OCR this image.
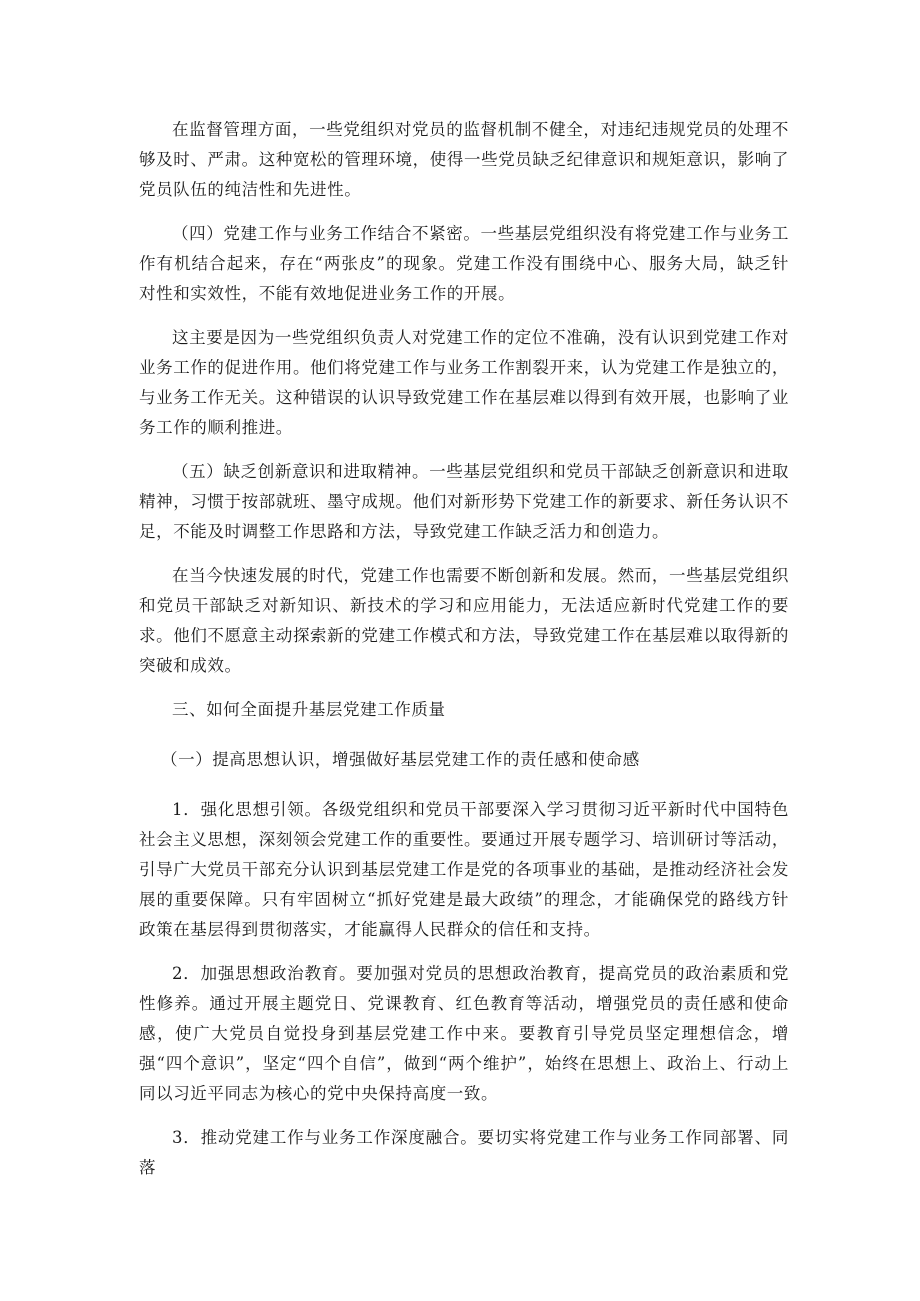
在监督管理方面，一些党组织对党员的监督机制不健全，对违纪违规党员的处理不够及时、严肃。这种宽松的管理环境，使得一些党员缺乏纪律意识和规矩意识，影响了党员队伍的纯洁性和先进性。

（四）党建工作与业务工作结合不紧密。一些基层党组织没有将党建工作与业务工作有机结合起来，存在“两张皮”的现象。党建工作没有围绕中心、服务大局，缺乏针对性和实效性，不能有效地促进业务工作的开展。

这主要是因为一些党组织负责人对党建工作的定位不准确，没有认识到党建工作对业务工作的促进作用。他们将党建工作与业务工作割裂开来，认为党建工作是独立的，与业务工作无关。这种错误的认识导致党建工作在基层难以得到有效开展，也影响了业务工作的顺利推进。

（五）缺乏创新意识和进取精神。一些基层党组织和党员干部缺乏创新意识和进取精神，习惯于按部就班、墨守成规。他们对新形势下党建工作的新要求、新任务认识不足，不能及时调整工作思路和方法，导致党建工作缺乏活力和创造力。

在当今快速发展的时代，党建工作也需要不断创新和发展。然而，一些基层党组织和党员干部缺乏对新知识、新技术的学习和应用能力，无法适应新时代党建工作的要求。他们不愿意主动探索新的党建工作模式和方法，导致党建工作在基层难以取得新的突破和成效。

三、如何全面提升基层党建工作质量

（一）提高思想认识，增强做好基层党建工作的责任感和使命感

1．强化思想引领。各级党组织和党员干部要深入学习贯彻习近平新时代中国特色社会主义思想，深刻领会党建工作的重要性。要通过开展专题学习、培训研讨等活动，引导广大党员干部充分认识到基层党建工作是党的各项事业的基础，是推动经济社会发展的重要保障。只有牢固树立“抓好党建是最大政绩”的理念，才能确保党的路线方针政策在基层得到贯彻落实，才能赢得人民群众的信任和支持。

2．加强思想政治教育。要加强对党员的思想政治教育，提高党员的政治素质和党性修养。通过开展主题党日、党课教育、红色教育等活动，增强党员的责任感和使命感，使广大党员自觉投身到基层党建工作中来。要教育引导党员坚定理想信念，增强“四个意识”，坚定“四个自信”，做到“两个维护”，始终在思想上、政治上、行动上同以习近平同志为核心的党中央保持高度一致。

3．推动党建工作与业务工作深度融合。要切实将党建工作与业务工作同部署、同落
